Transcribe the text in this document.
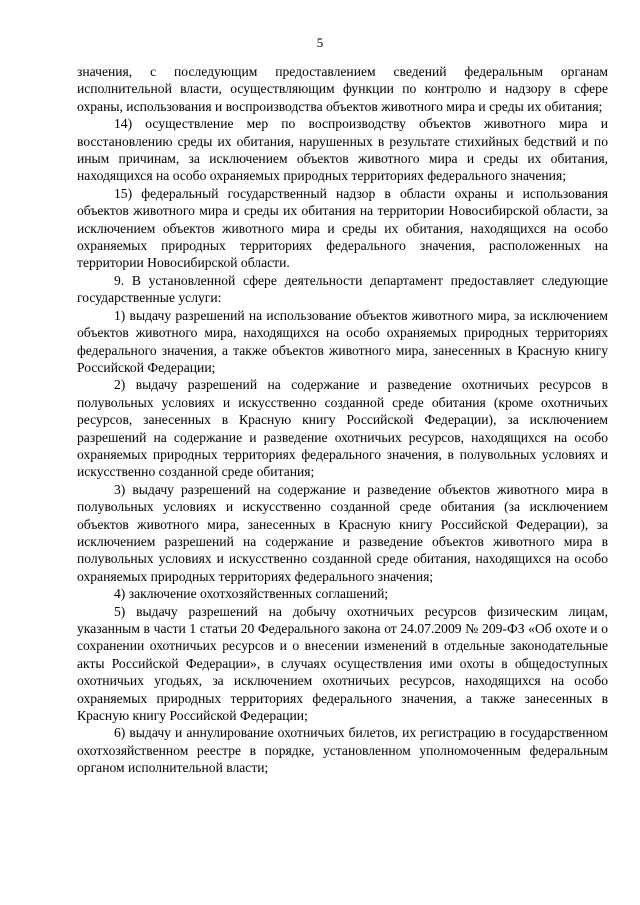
5

значения, с последующим предоставлением сведений федеральным органам исполнительной власти, осуществляющим функции по контролю и надзору в сфере охраны, использования и воспроизводства объектов животного мира и среды их обитания;

14) осуществление мер по воспроизводству объектов животного мира и восстановлению среды их обитания, нарушенных в результате стихийных бедствий и по иным причинам, за исключением объектов животного мира и среды их обитания, находящихся на особо охраняемых природных территориях федерального значения;

15) федеральный государственный надзор в области охраны и использования объектов животного мира и среды их обитания на территории Новосибирской области, за исключением объектов животного мира и среды их обитания, находящихся на особо охраняемых природных территориях федерального значения, расположенных на территории Новосибирской области.

9. В установленной сфере деятельности департамент предоставляет следующие государственные услуги:

1) выдачу разрешений на использование объектов животного мира, за исключением объектов животного мира, находящихся на особо охраняемых природных территориях федерального значения, а также объектов животного мира, занесенных в Красную книгу Российской Федерации;

2) выдачу разрешений на содержание и разведение охотничьих ресурсов в полувольных условиях и искусственно созданной среде обитания (кроме охотничьих ресурсов, занесенных в Красную книгу Российской Федерации), за исключением разрешений на содержание и разведение охотничьих ресурсов, находящихся на особо охраняемых природных территориях федерального значения, в полувольных условиях и искусственно созданной среде обитания;

3) выдачу разрешений на содержание и разведение объектов животного мира в полувольных условиях и искусственно созданной среде обитания (за исключением объектов животного мира, занесенных в Красную книгу Российской Федерации), за исключением разрешений на содержание и разведение объектов животного мира в полувольных условиях и искусственно созданной среде обитания, находящихся на особо охраняемых природных территориях федерального значения;

4) заключение охотхозяйственных соглашений;

5) выдачу разрешений на добычу охотничьих ресурсов физическим лицам, указанным в части 1 статьи 20 Федерального закона от 24.07.2009 № 209-ФЗ «Об охоте и о сохранении охотничьих ресурсов и о внесении изменений в отдельные законодательные акты Российской Федерации», в случаях осуществления ими охоты в общедоступных охотничьих угодьях, за исключением охотничьих ресурсов, находящихся на особо охраняемых природных территориях федерального значения, а также занесенных в Красную книгу Российской Федерации;

6) выдачу и аннулирование охотничьих билетов, их регистрацию в государственном охотхозяйственном реестре в порядке, установленном уполномоченным федеральным органом исполнительной власти;
